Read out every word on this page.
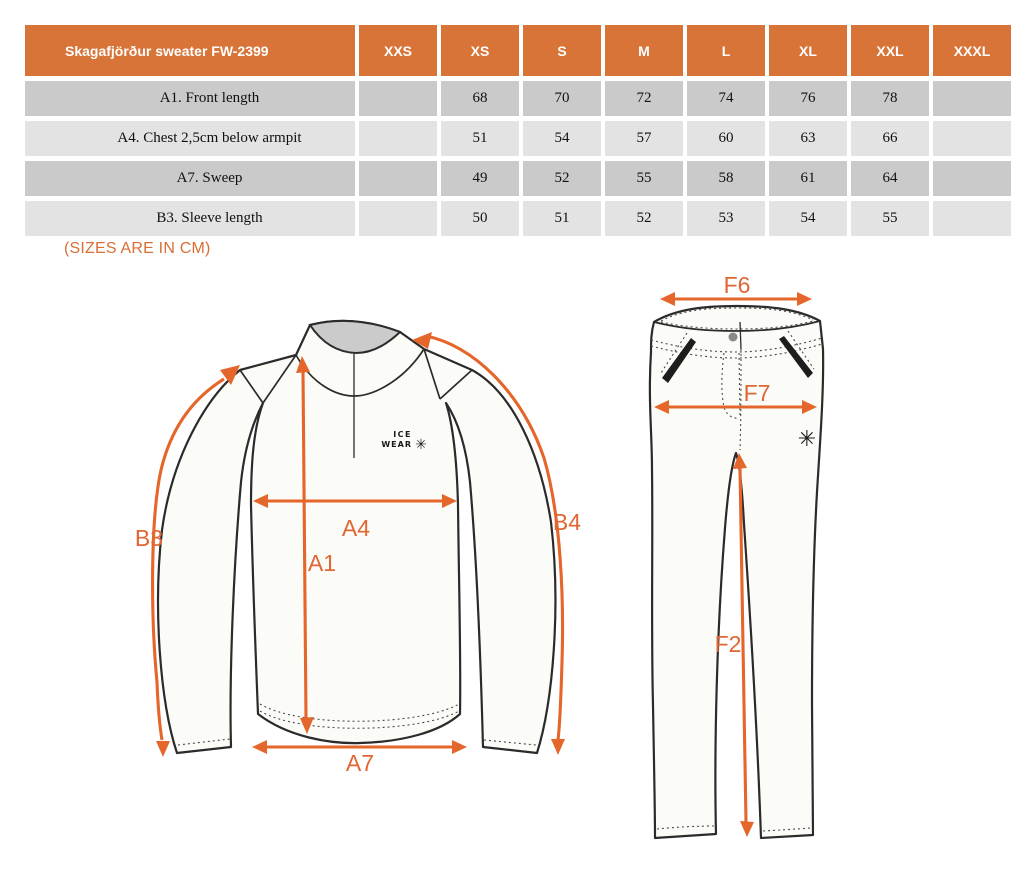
Skagafjörður sweater FW-2399	XXS	XS	S	M	L	XL	XXL	XXXL
A1. Front length		68	70	72	74	76	78	
A4. Chest 2,5cm below armpit		51	54	57	60	63	66	
A7. Sweep		49	52	55	58	61	64	
B3. Sleeve length		50	51	52	53	54	55	
(SIZES ARE IN CM)
ICE
WEAR ✳
B3
B4
A4
A1
A7
✳
F6
F7
F2
